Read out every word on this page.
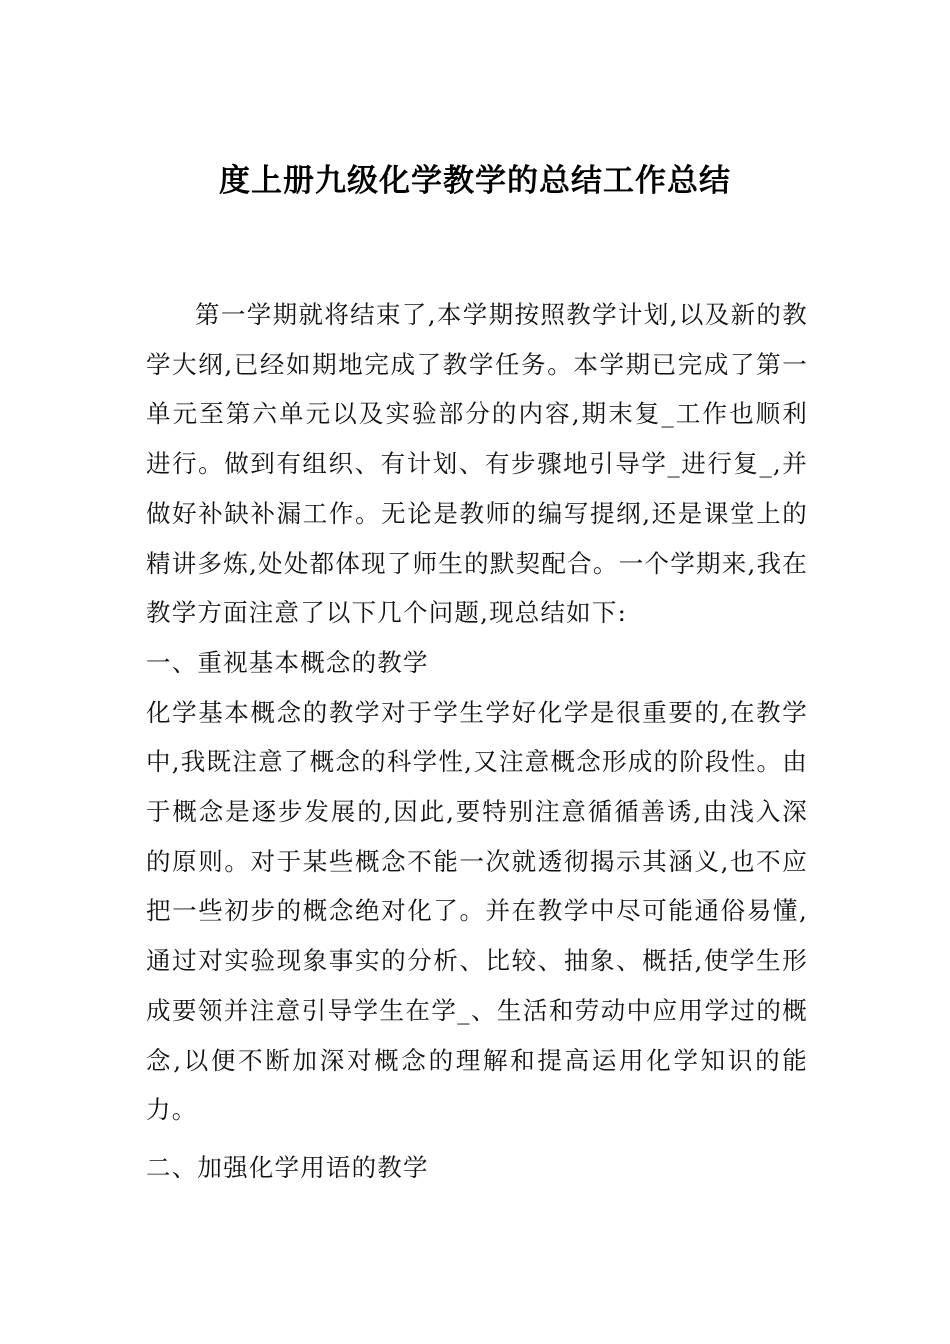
度上册九级化学教学的总结工作总结

第一学期就将结束了,本学期按照教学计划,以及新的教学大纲,已经如期地完成了教学任务。本学期已完成了第一单元至第六单元以及实验部分的内容,期末复_工作也顺利进行。做到有组织、有计划、有步骤地引导学_进行复_,并做好补缺补漏工作。无论是教师的编写提纲,还是课堂上的精讲多炼,处处都体现了师生的默契配合。一个学期来,我在教学方面注意了以下几个问题,现总结如下:

一、重视基本概念的教学

化学基本概念的教学对于学生学好化学是很重要的,在教学中,我既注意了概念的科学性,又注意概念形成的阶段性。由于概念是逐步发展的,因此,要特别注意循循善诱,由浅入深的原则。对于某些概念不能一次就透彻揭示其涵义,也不应把一些初步的概念绝对化了。并在教学中尽可能通俗易懂,通过对实验现象事实的分析、比较、抽象、概括,使学生形成要领并注意引导学生在学_、生活和劳动中应用学过的概念,以便不断加深对概念的理解和提高运用化学知识的能力。

二、加强化学用语的教学
